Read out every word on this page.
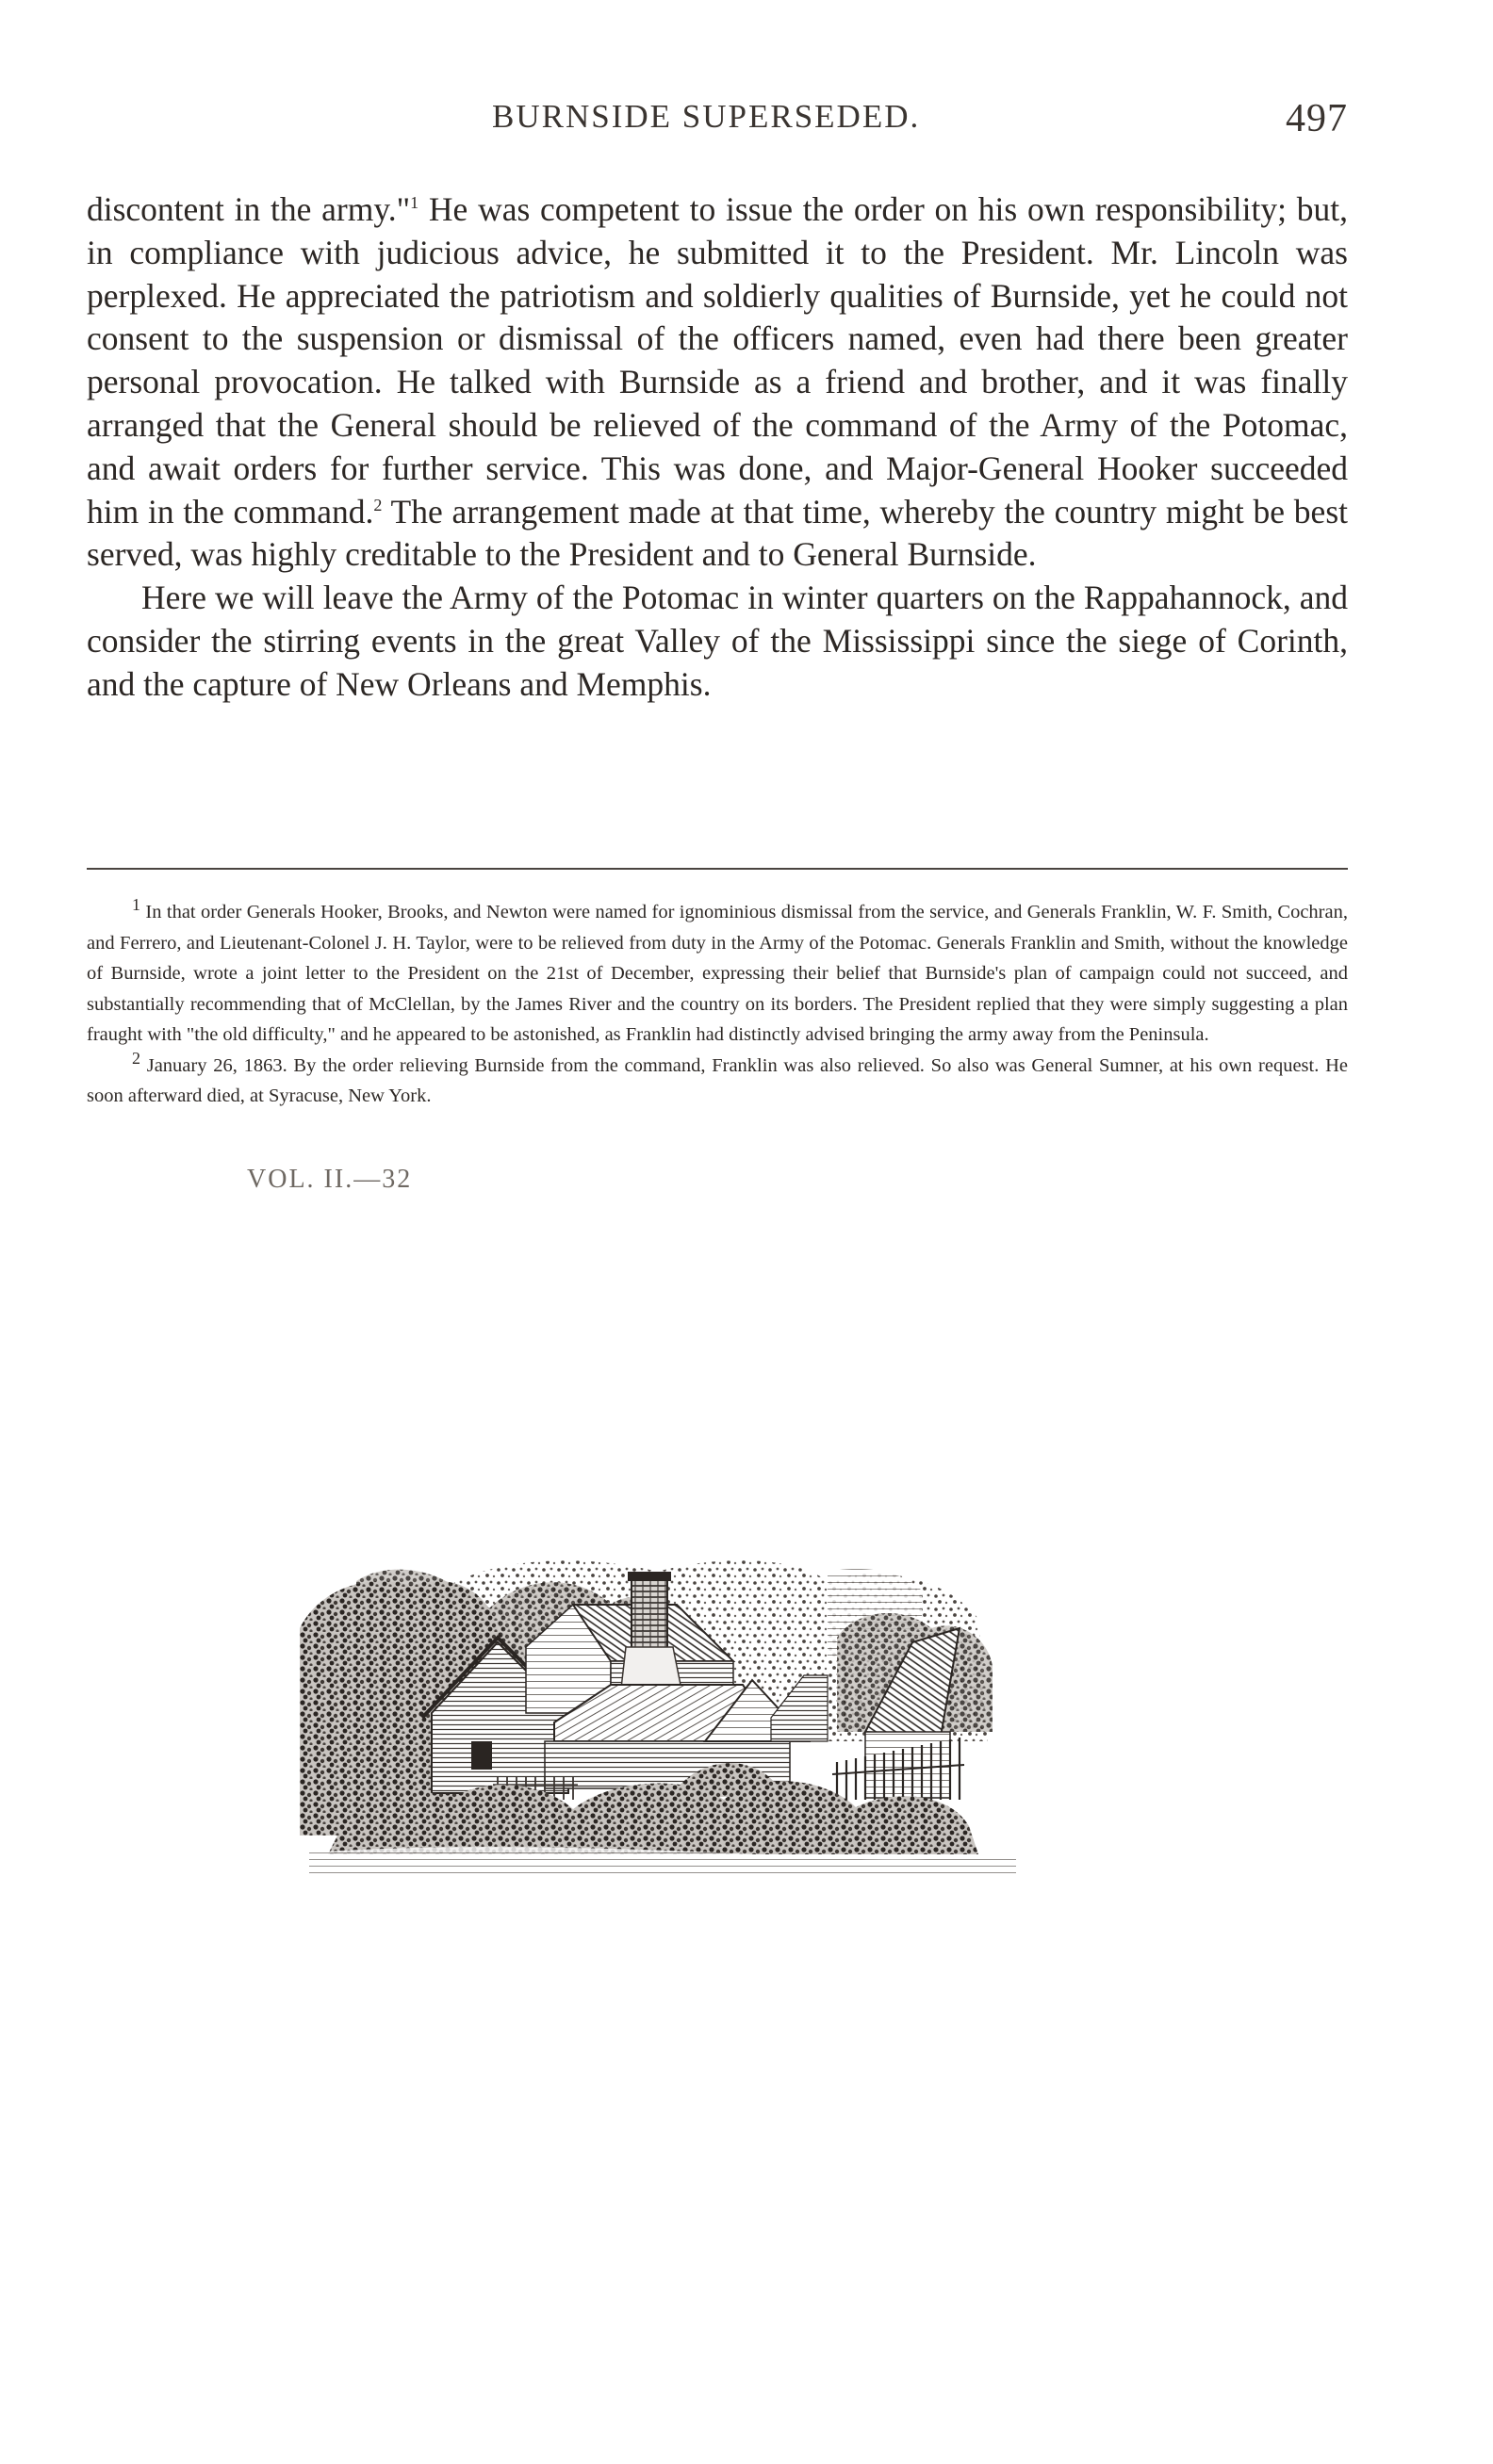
BURNSIDE SUPERSEDED.	497

discontent in the army."$^1$ He was competent to issue the order on his own responsibility; but, in compliance with judicious advice, he submitted it to the President. Mr. Lincoln was perplexed. He appreciated the patriotism and soldierly qualities of Burnside, yet he could not consent to the suspension or dismissal of the officers named, even had there been greater personal provocation. He talked with Burnside as a friend and brother, and it was finally arranged that the General should be relieved of the command of the Army of the Potomac, and await orders for further service. This was done, and Major-General Hooker succeeded him in the command.$^2$ The arrangement made at that time, whereby the country might be best served, was highly creditable to the President and to General Burnside.

Here we will leave the Army of the Potomac in winter quarters on the Rappahannock, and consider the stirring events in the great Valley of the Mississippi since the siege of Corinth, and the capture of New Orleans and Memphis.

$^1$ In that order Generals Hooker, Brooks, and Newton were named for ignominious dismissal from the service, and Generals Franklin, W. F. Smith, Cochran, and Ferrero, and Lieutenant-Colonel J. H. Taylor, were to be relieved from duty in the Army of the Potomac. Generals Franklin and Smith, without the knowledge of Burnside, wrote a joint letter to the President on the 21st of December, expressing their belief that Burnside's plan of campaign could not succeed, and substantially recommending that of McClellan, by the James River and the country on its borders. The President replied that they were simply suggesting a plan fraught with "the old difficulty," and he appeared to be astonished, as Franklin had distinctly advised bringing the army away from the Peninsula.

$^2$ January 26, 1863. By the order relieving Burnside from the command, Franklin was also relieved. So also was General Sumner, at his own request. He soon afterward died, at Syracuse, New York.

VOL. II.—32
